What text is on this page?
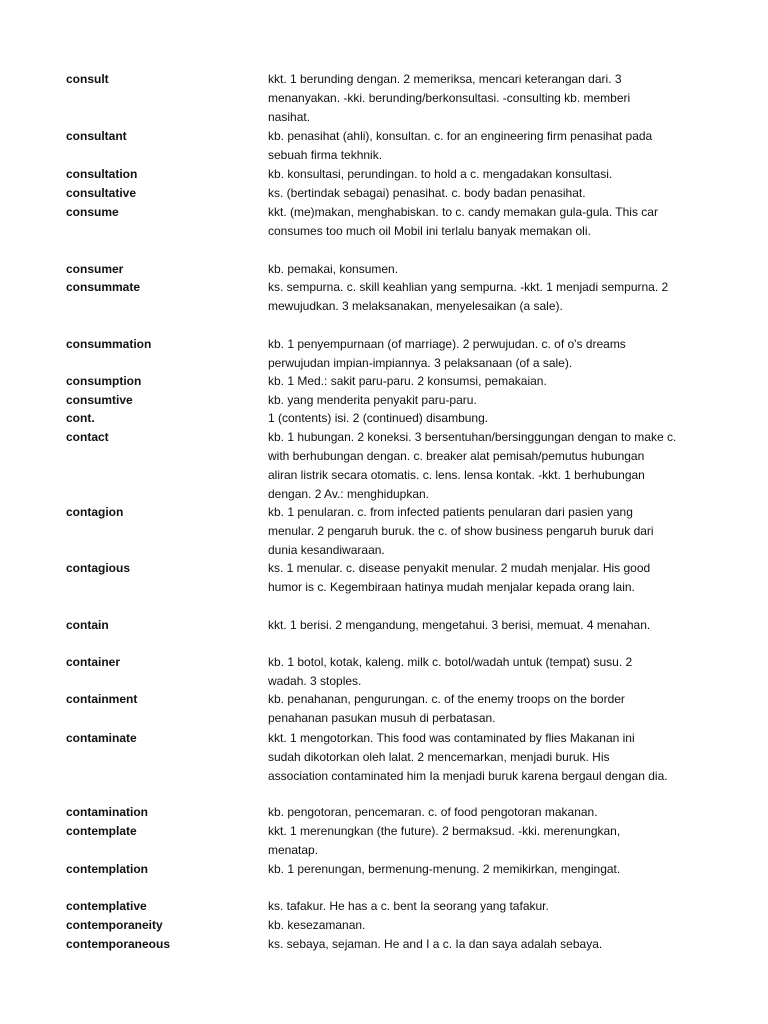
consult	kkt. 1 berunding dengan. 2 memeriksa, mencari keterangan dari. 3
menanyakan. -kki. berunding/berkonsultasi. -consulting kb. memberi
nasihat.
consultant	kb. penasihat (ahli), konsultan. c. for an engineering firm penasihat pada
sebuah firma tekhnik.
consultation	kb. konsultasi, perundingan. to hold a c. mengadakan konsultasi.
consultative	ks. (bertindak sebagai) penasihat. c. body badan penasihat.
consume	kkt. (me)makan, menghabiskan. to c. candy memakan gula-gula. This car
consumes too much oil Mobil ini terlalu banyak memakan oli.
consumer	kb. pemakai, konsumen.
consummate	ks. sempurna. c. skill keahlian yang sempurna. -kkt. 1 menjadi sempurna. 2
mewujudkan. 3 melaksanakan, menyelesaikan (a sale).
consummation	kb. 1 penyempurnaan (of marriage). 2 perwujudan. c. of o's dreams
perwujudan impian-impiannya. 3 pelaksanaan (of a sale).
consumption	kb. 1 Med.: sakit paru-paru. 2 konsumsi, pemakaian.
consumtive	kb. yang menderita penyakit paru-paru.
cont.	1 (contents) isi. 2 (continued) disambung.
contact	kb. 1 hubungan. 2 koneksi. 3 bersentuhan/bersinggungan dengan to make c.
with berhubungan dengan. c. breaker alat pemisah/pemutus hubungan
aliran listrik secara otomatis. c. lens. lensa kontak. -kkt. 1 berhubungan
dengan. 2 Av.: menghidupkan.
contagion	kb. 1 penularan. c. from infected patients penularan dari pasien yang
menular. 2 pengaruh buruk. the c. of show business pengaruh buruk dari
dunia kesandiwaraan.
contagious	ks. 1 menular. c. disease penyakit menular. 2 mudah menjalar. His good
humor is c. Kegembiraan hatinya mudah menjalar kepada orang lain.
contain	kkt. 1 berisi. 2 mengandung, mengetahui. 3 berisi, memuat. 4 menahan.
container	kb. 1 botol, kotak, kaleng. milk c. botol/wadah untuk (tempat) susu. 2
wadah. 3 stoples.
containment	kb. penahanan, pengurungan. c. of the enemy troops on the border
penahanan pasukan musuh di perbatasan.
contaminate	kkt. 1 mengotorkan. This food was contaminated by flies Makanan ini
sudah dikotorkan oleh lalat. 2 mencemarkan, menjadi buruk. His
association contaminated him Ia menjadi buruk karena bergaul dengan dia.
contamination	kb. pengotoran, pencemaran. c. of food pengotoran makanan.
contemplate	kkt. 1 merenungkan (the future). 2 bermaksud. -kki. merenungkan,
menatap.
contemplation	kb. 1 perenungan, bermenung-menung. 2 memikirkan, mengingat.
contemplative	ks. tafakur. He has a c. bent Ia seorang yang tafakur.
contemporaneity	kb. kesezamanan.
contemporaneous	ks. sebaya, sejaman. He and I a c. Ia dan saya adalah sebaya.
